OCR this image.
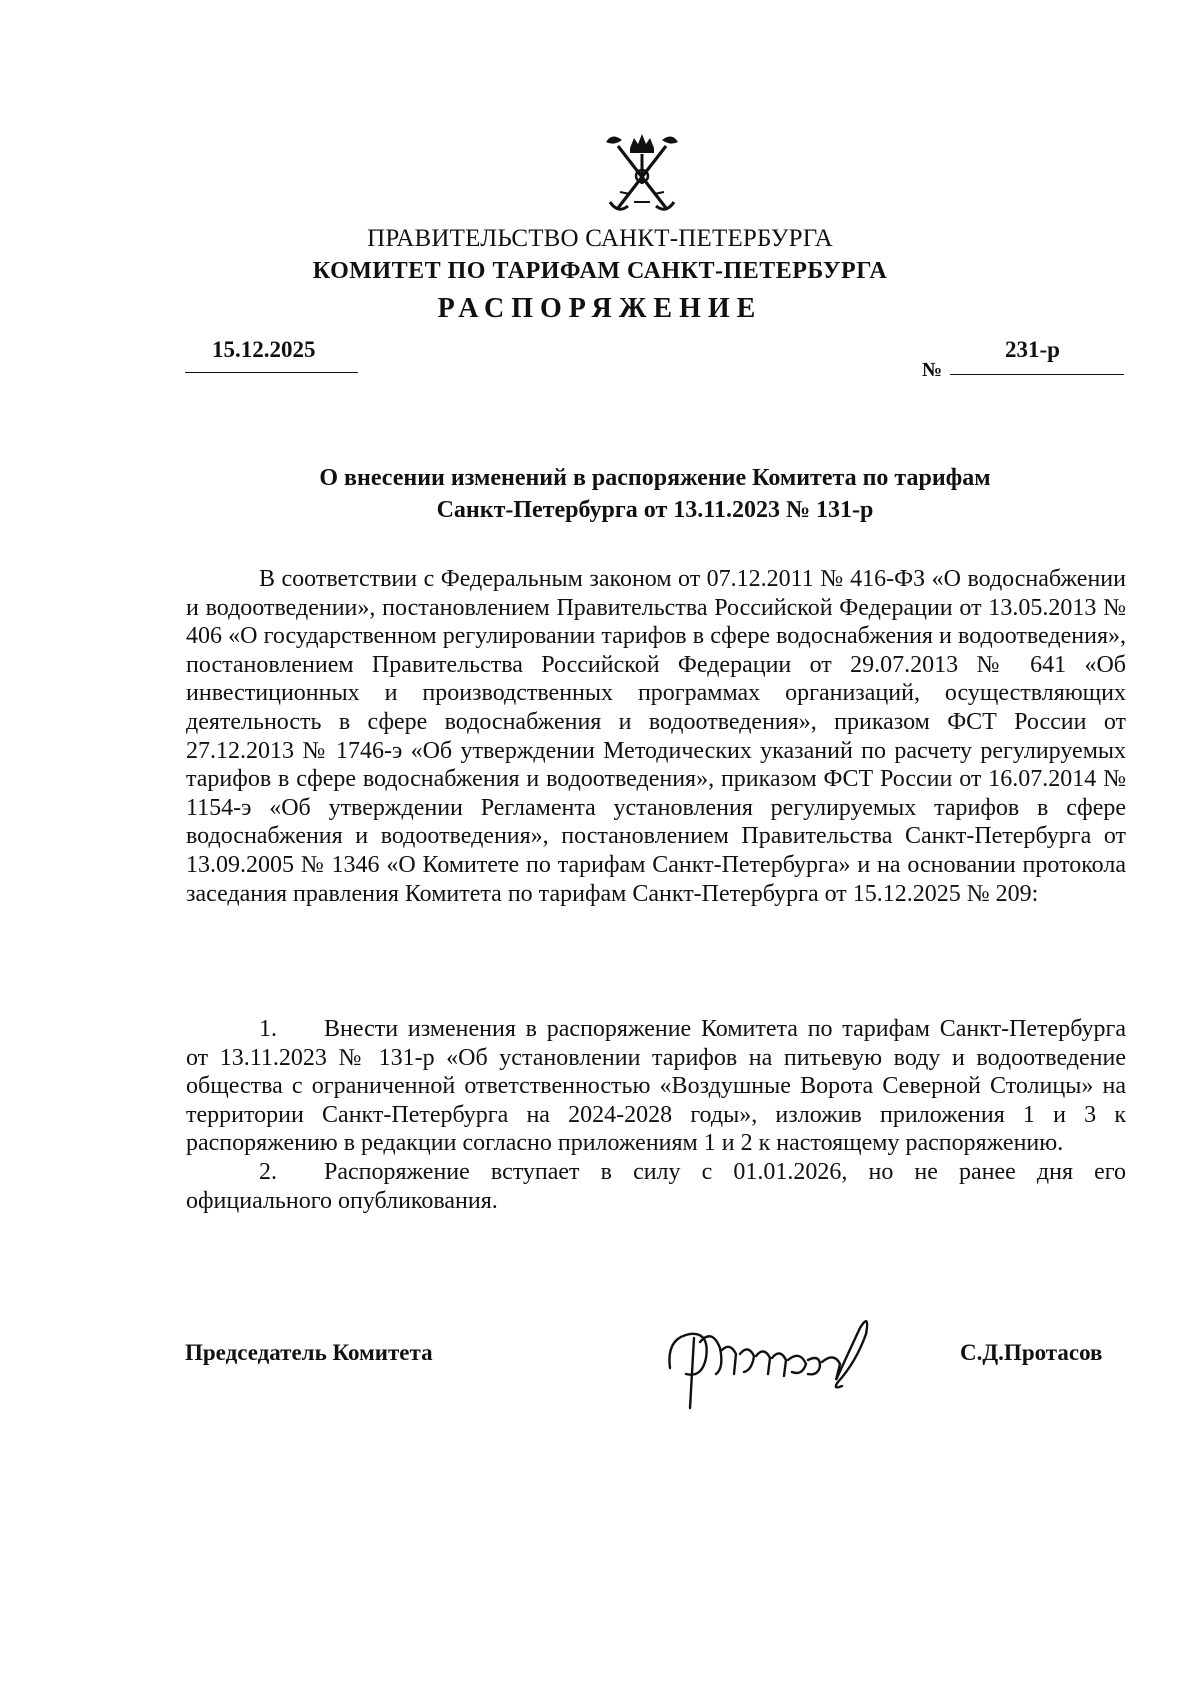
ПРАВИТЕЛЬСТВО САНКТ-ПЕТЕРБУРГА
КОМИТЕТ ПО ТАРИФАМ САНКТ-ПЕТЕРБУРГА
РАСПОРЯЖЕНИЕ
15.12.2025
№
231-р
О внесении изменений в распоряжение Комитета по тарифам
Санкт-Петербурга от 13.11.2023 № 131-р
В соответствии с Федеральным законом от 07.12.2011 № 416-ФЗ «О водоснабжении и водоотведении», постановлением Правительства Российской Федерации от 13.05.2013 № 406 «О государственном регулировании тарифов в сфере водоснабжения и водоотведения», постановлением Правительства Российской Федерации от 29.07.2013 № 641 «Об инвестиционных и производственных программах организаций, осуществляющих деятельность в сфере водоснабжения и водоотведения», приказом ФСТ России от 27.12.2013 № 1746-э «Об утверждении Методических указаний по расчету регулируемых тарифов в сфере водоснабжения и водоотведения», приказом ФСТ России от 16.07.2014 № 1154-э «Об утверждении Регламента установления регулируемых тарифов в сфере водоснабжения и водоотведения», постановлением Правительства Санкт-Петербурга от 13.09.2005 № 1346 «О Комитете по тарифам Санкт-Петербурга» и на основании протокола заседания правления Комитета по тарифам Санкт-Петербурга от 15.12.2025 № 209:

1. Внести изменения в распоряжение Комитета по тарифам Санкт-Петербурга от 13.11.2023 № 131-р «Об установлении тарифов на питьевую воду и водоотведение общества с ограниченной ответственностью «Воздушные Ворота Северной Столицы» на территории Санкт-Петербурга на 2024-2028 годы», изложив приложения 1 и 3 к распоряжению в редакции согласно приложениям 1 и 2 к настоящему распоряжению.

2. Распоряжение вступает в силу с 01.01.2026, но не ранее дня его официального опубликования.

Председатель Комитета	С.Д.Протасов
